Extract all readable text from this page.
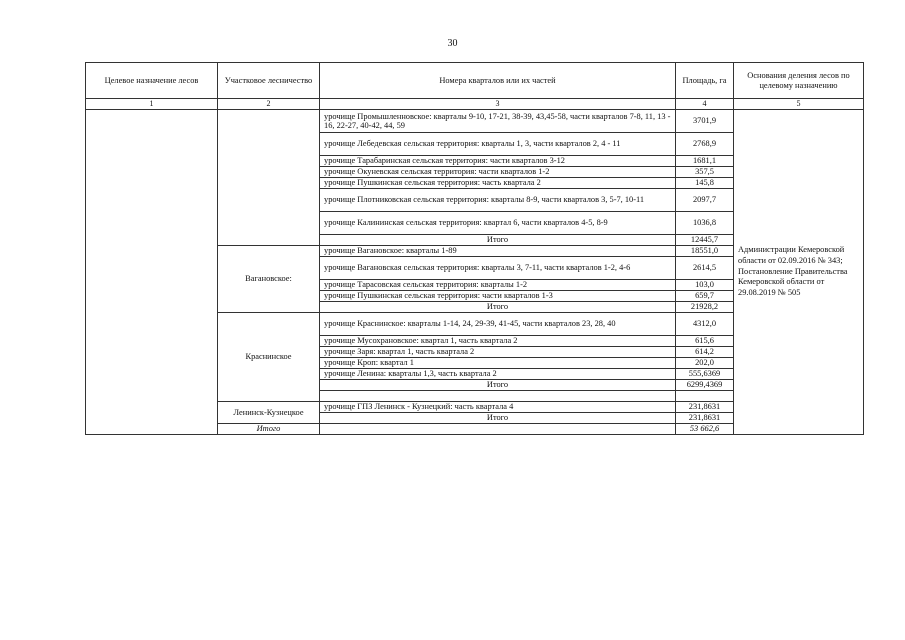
30
Целевое назначение лесов	Участковое лесничество	Номера кварталов или их частей	Площадь, га	Основания деления лесов по целевому назначению
1	2	3	4	5
		урочище Промышленновское: кварталы 9-10, 17-21, 38-39, 43,45-58, части кварталов 7-8, 11, 13 - 16, 22-27, 40-42, 44, 59	3701,9	Администрации Кемеровской области от 02.09.2016 № 343; Постановление Правительства Кемеровской области от 29.08.2019 № 505
		урочище Лебедевская сельская территория: кварталы 1, 3, части кварталов 2, 4 - 11	2768,9	
		урочище Тарабаринская сельская территория: части кварталов 3-12	1681,1	
		урочище Окуневская сельская территория: части кварталов 1-2	357,5	
		урочище Пушкинская сельская территория: часть квартала 2	145,8	
		урочище Плотниковская сельская территория: кварталы 8-9, части кварталов 3, 5-7, 10-11	2097,7	
		урочище Калининская сельская территория: квартал 6, части кварталов 4-5, 8-9	1036,8	
		Итого	12445,7	
	Вагановское:	урочище Вагановское: кварталы 1-89	18551,0	
		урочище Вагановская сельская территория: кварталы 3, 7-11, части кварталов 1-2, 4-6	2614,5	
		урочище Тарасовская сельская территория: кварталы 1-2	103,0	
		урочище Пушкинская сельская территория: части кварталов 1-3	659,7	
		Итого	21928,2	
	Краснинское	урочище Краснинское: кварталы 1-14, 24, 29-39, 41-45, части кварталов 23, 28, 40	4312,0	
		урочище Мусохрановское: квартал 1, часть квартала 2	615,6	
		урочище Заря: квартал 1, часть квартала 2	614,2	
		урочище Кроп: квартал 1	202,0	
		урочище Ленина: кварталы 1,3, часть квартала 2	555,6369	
		Итого	6299,4369	

	Ленинск-Кузнецкое	урочище ГПЗ Ленинск - Кузнецкий: часть квартала 4	231,8631	
		Итого	231,8631	
	Итого		53 662,6	
